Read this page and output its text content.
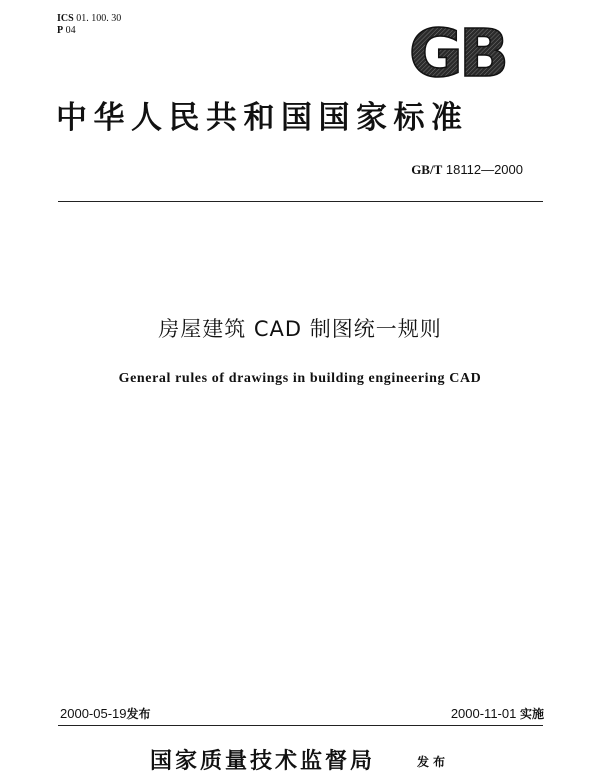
ICS 01. 100. 30
P 04	GB
中华人民共和国国家标准
GB/T 18112—2000
房屋建筑 CAD 制图统一规则
General rules of drawings in building engineering CAD
2000-05-19发布	2000-11-01 实施
国家质量技术监督局	发布
